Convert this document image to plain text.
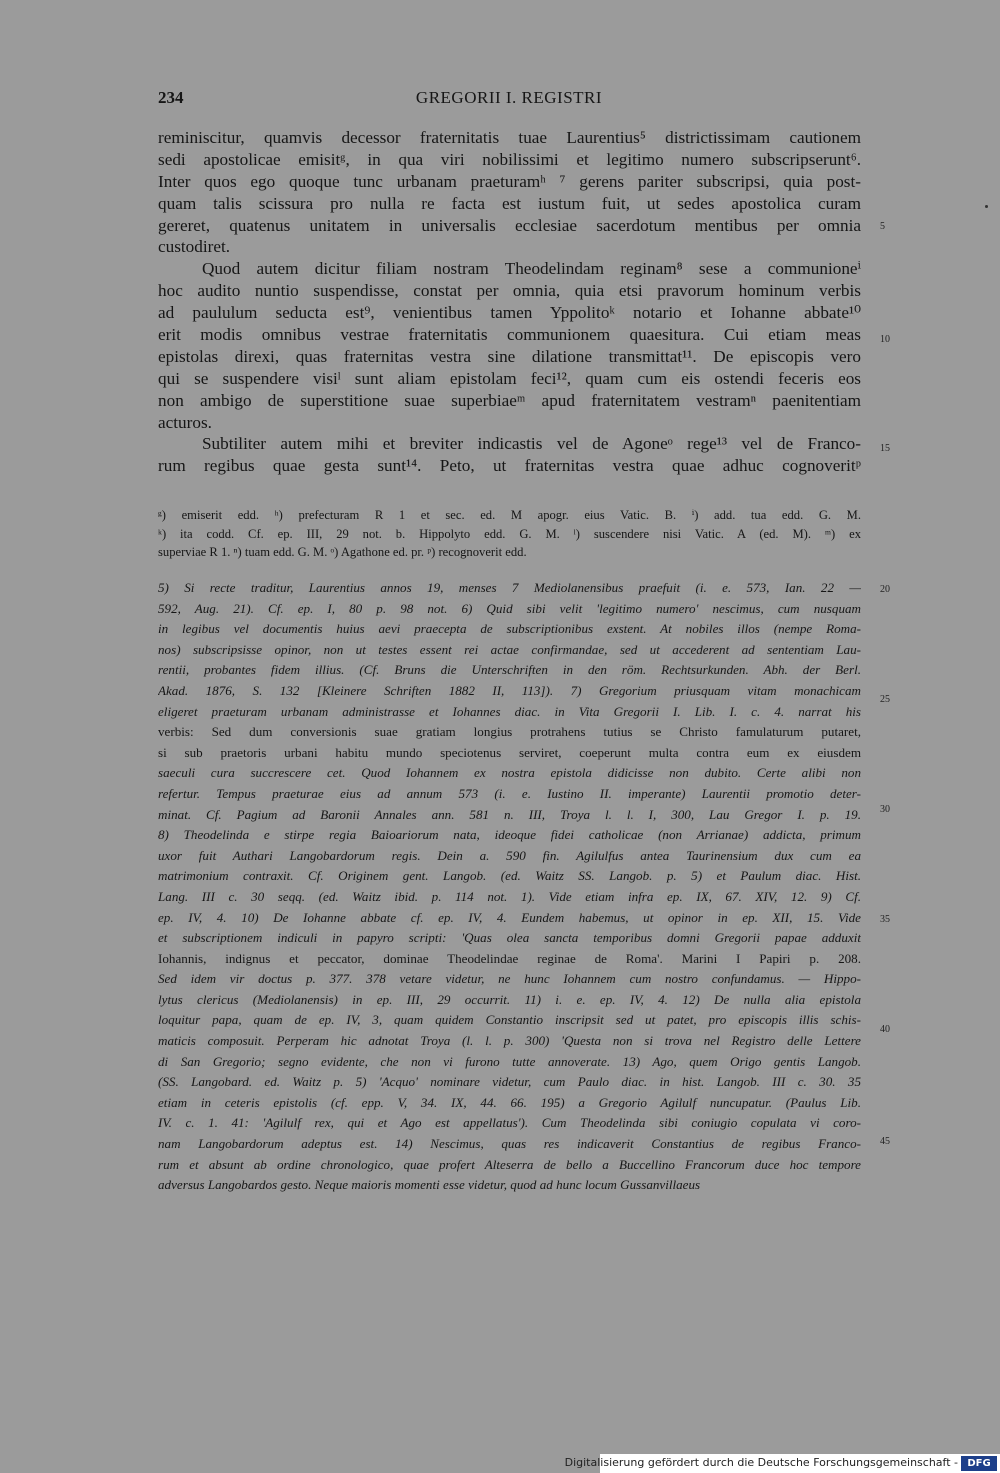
234	GREGORII I. REGISTRI
reminiscitur, quamvis decessor fraternitatis tuae Laurentius⁵ districtissimam cautionem
sedi apostolicae emisitᵍ, in qua viri nobilissimi et legitimo numero subscripserunt⁶.
Inter quos ego quoque tunc urbanam praeturamʰ ⁷ gerens pariter subscripsi, quia post-
quam talis scissura pro nulla re facta est iustum fuit, ut sedes apostolica curam
gereret, quatenus unitatem in universalis ecclesiae sacerdotum mentibus per omnia
custodiret.
Quod autem dicitur filiam nostram Theodelindam reginam⁸ sese a communioneⁱ
hoc audito nuntio suspendisse, constat per omnia, quia etsi pravorum hominum verbis
ad paululum seducta est⁹, venientibus tamen Yppolitoᵏ notario et Iohanne abbate¹⁰
erit modis omnibus vestrae fraternitatis communionem quaesitura. Cui etiam meas
epistolas direxi, quas fraternitas vestra sine dilatione transmittat¹¹. De episcopis vero
qui se suspendere visiˡ sunt aliam epistolam feci¹², quam cum eis ostendi feceris eos
non ambigo de superstitione suae superbiaeᵐ apud fraternitatem vestramⁿ paenitentiam
acturos.
Subtiliter autem mihi et breviter indicastis vel de Agoneᵒ rege¹³ vel de Franco-
rum regibus quae gesta sunt¹⁴. Peto, ut fraternitas vestra quae adhuc cognoveritᵖ
ᵍ) emiserit edd. ʰ) prefecturam R 1 et sec. ed. M apogr. eius Vatic. B. ⁱ) add. tua edd. G. M.
ᵏ) ita codd. Cf. ep. III, 29 not. b. Hippolyto edd. G. M. ˡ) suscendere nisi Vatic. A (ed. M). ᵐ) ex
superviae R 1. ⁿ) tuam edd. G. M. ᵒ) Agathone ed. pr. ᵖ) recognoverit edd.
5) Si recte traditur, Laurentius annos 19, menses 7 Mediolanensibus praefuit (i. e. 573, Ian. 22 —
592, Aug. 21). Cf. ep. I, 80 p. 98 not. 6) Quid sibi velit 'legitimo numero' nescimus, cum nusquam
in legibus vel documentis huius aevi praecepta de subscriptionibus exstent. At nobiles illos (nempe Roma-
nos) subscripsisse opinor, non ut testes essent rei actae confirmandae, sed ut accederent ad sententiam Lau-
rentii, probantes fidem illius. (Cf. Bruns die Unterschriften in den röm. Rechtsurkunden. Abh. der Berl.
Akad. 1876, S. 132 [Kleinere Schriften 1882 II, 113]). 7) Gregorium priusquam vitam monachicam
eligeret praeturam urbanam administrasse et Iohannes diac. in Vita Gregorii I. Lib. I. c. 4. narrat his
verbis: Sed dum conversionis suae gratiam longius protrahens tutius se Christo famulaturum putaret,
si sub praetoris urbani habitu mundo speciotenus serviret, coeperunt multa contra eum ex eiusdem
saeculi cura succrescere cet. Quod Iohannem ex nostra epistola didicisse non dubito. Certe alibi non
refertur. Tempus praeturae eius ad annum 573 (i. e. Iustino II. imperante) Laurentii promotio deter-
minat. Cf. Pagium ad Baronii Annales ann. 581 n. III, Troya l. l. I, 300, Lau Gregor I. p. 19.
8) Theodelinda e stirpe regia Baioariorum nata, ideoque fidei catholicae (non Arrianae) addicta, primum
uxor fuit Authari Langobardorum regis. Dein a. 590 fin. Agilulfus antea Taurinensium dux cum ea
matrimonium contraxit. Cf. Originem gent. Langob. (ed. Waitz SS. Langob. p. 5) et Paulum diac. Hist.
Lang. III c. 30 seqq. (ed. Waitz ibid. p. 114 not. 1). Vide etiam infra ep. IX, 67. XIV, 12. 9) Cf.
ep. IV, 4. 10) De Iohanne abbate cf. ep. IV, 4. Eundem habemus, ut opinor in ep. XII, 15. Vide
et subscriptionem indiculi in papyro scripti: 'Quas olea sancta temporibus domni Gregorii papae adduxit
Iohannis, indignus et peccator, dominae Theodelindae reginae de Roma'. Marini I Papiri p. 208.
Sed idem vir doctus p. 377. 378 vetare videtur, ne hunc Iohannem cum nostro confundamus. — Hippo-
lytus clericus (Mediolanensis) in ep. III, 29 occurrit. 11) i. e. ep. IV, 4. 12) De nulla alia epistola
loquitur papa, quam de ep. IV, 3, quam quidem Constantio inscripsit sed ut patet, pro episcopis illis schis-
maticis composuit. Perperam hic adnotat Troya (l. l. p. 300) 'Questa non si trova nel Registro delle Lettere
di San Gregorio; segno evidente, che non vi furono tutte annoverate. 13) Ago, quem Origo gentis Langob.
(SS. Langobard. ed. Waitz p. 5) 'Acquo' nominare videtur, cum Paulo diac. in hist. Langob. III c. 30. 35
etiam in ceteris epistolis (cf. epp. V, 34. IX, 44. 66. 195) a Gregorio Agilulf nuncupatur. (Paulus Lib.
IV. c. 1. 41: 'Agilulf rex, qui et Ago est appellatus'). Cum Theodelinda sibi coniugio copulata vi coro-
nam Langobardorum adeptus est. 14) Nescimus, quas res indicaverit Constantius de regibus Franco-
rum et absunt ab ordine chronologico, quae profert Alteserra de bello a Buccellino Francorum duce hoc tempore
adversus Langobardos gesto. Neque maioris momenti esse videtur, quod ad hunc locum Gussanvillaeus
5
10
15
20
25
30
35
40
45
Digitalisierung gefördert durch die Deutsche Forschungsgemeinschaft - DFG
